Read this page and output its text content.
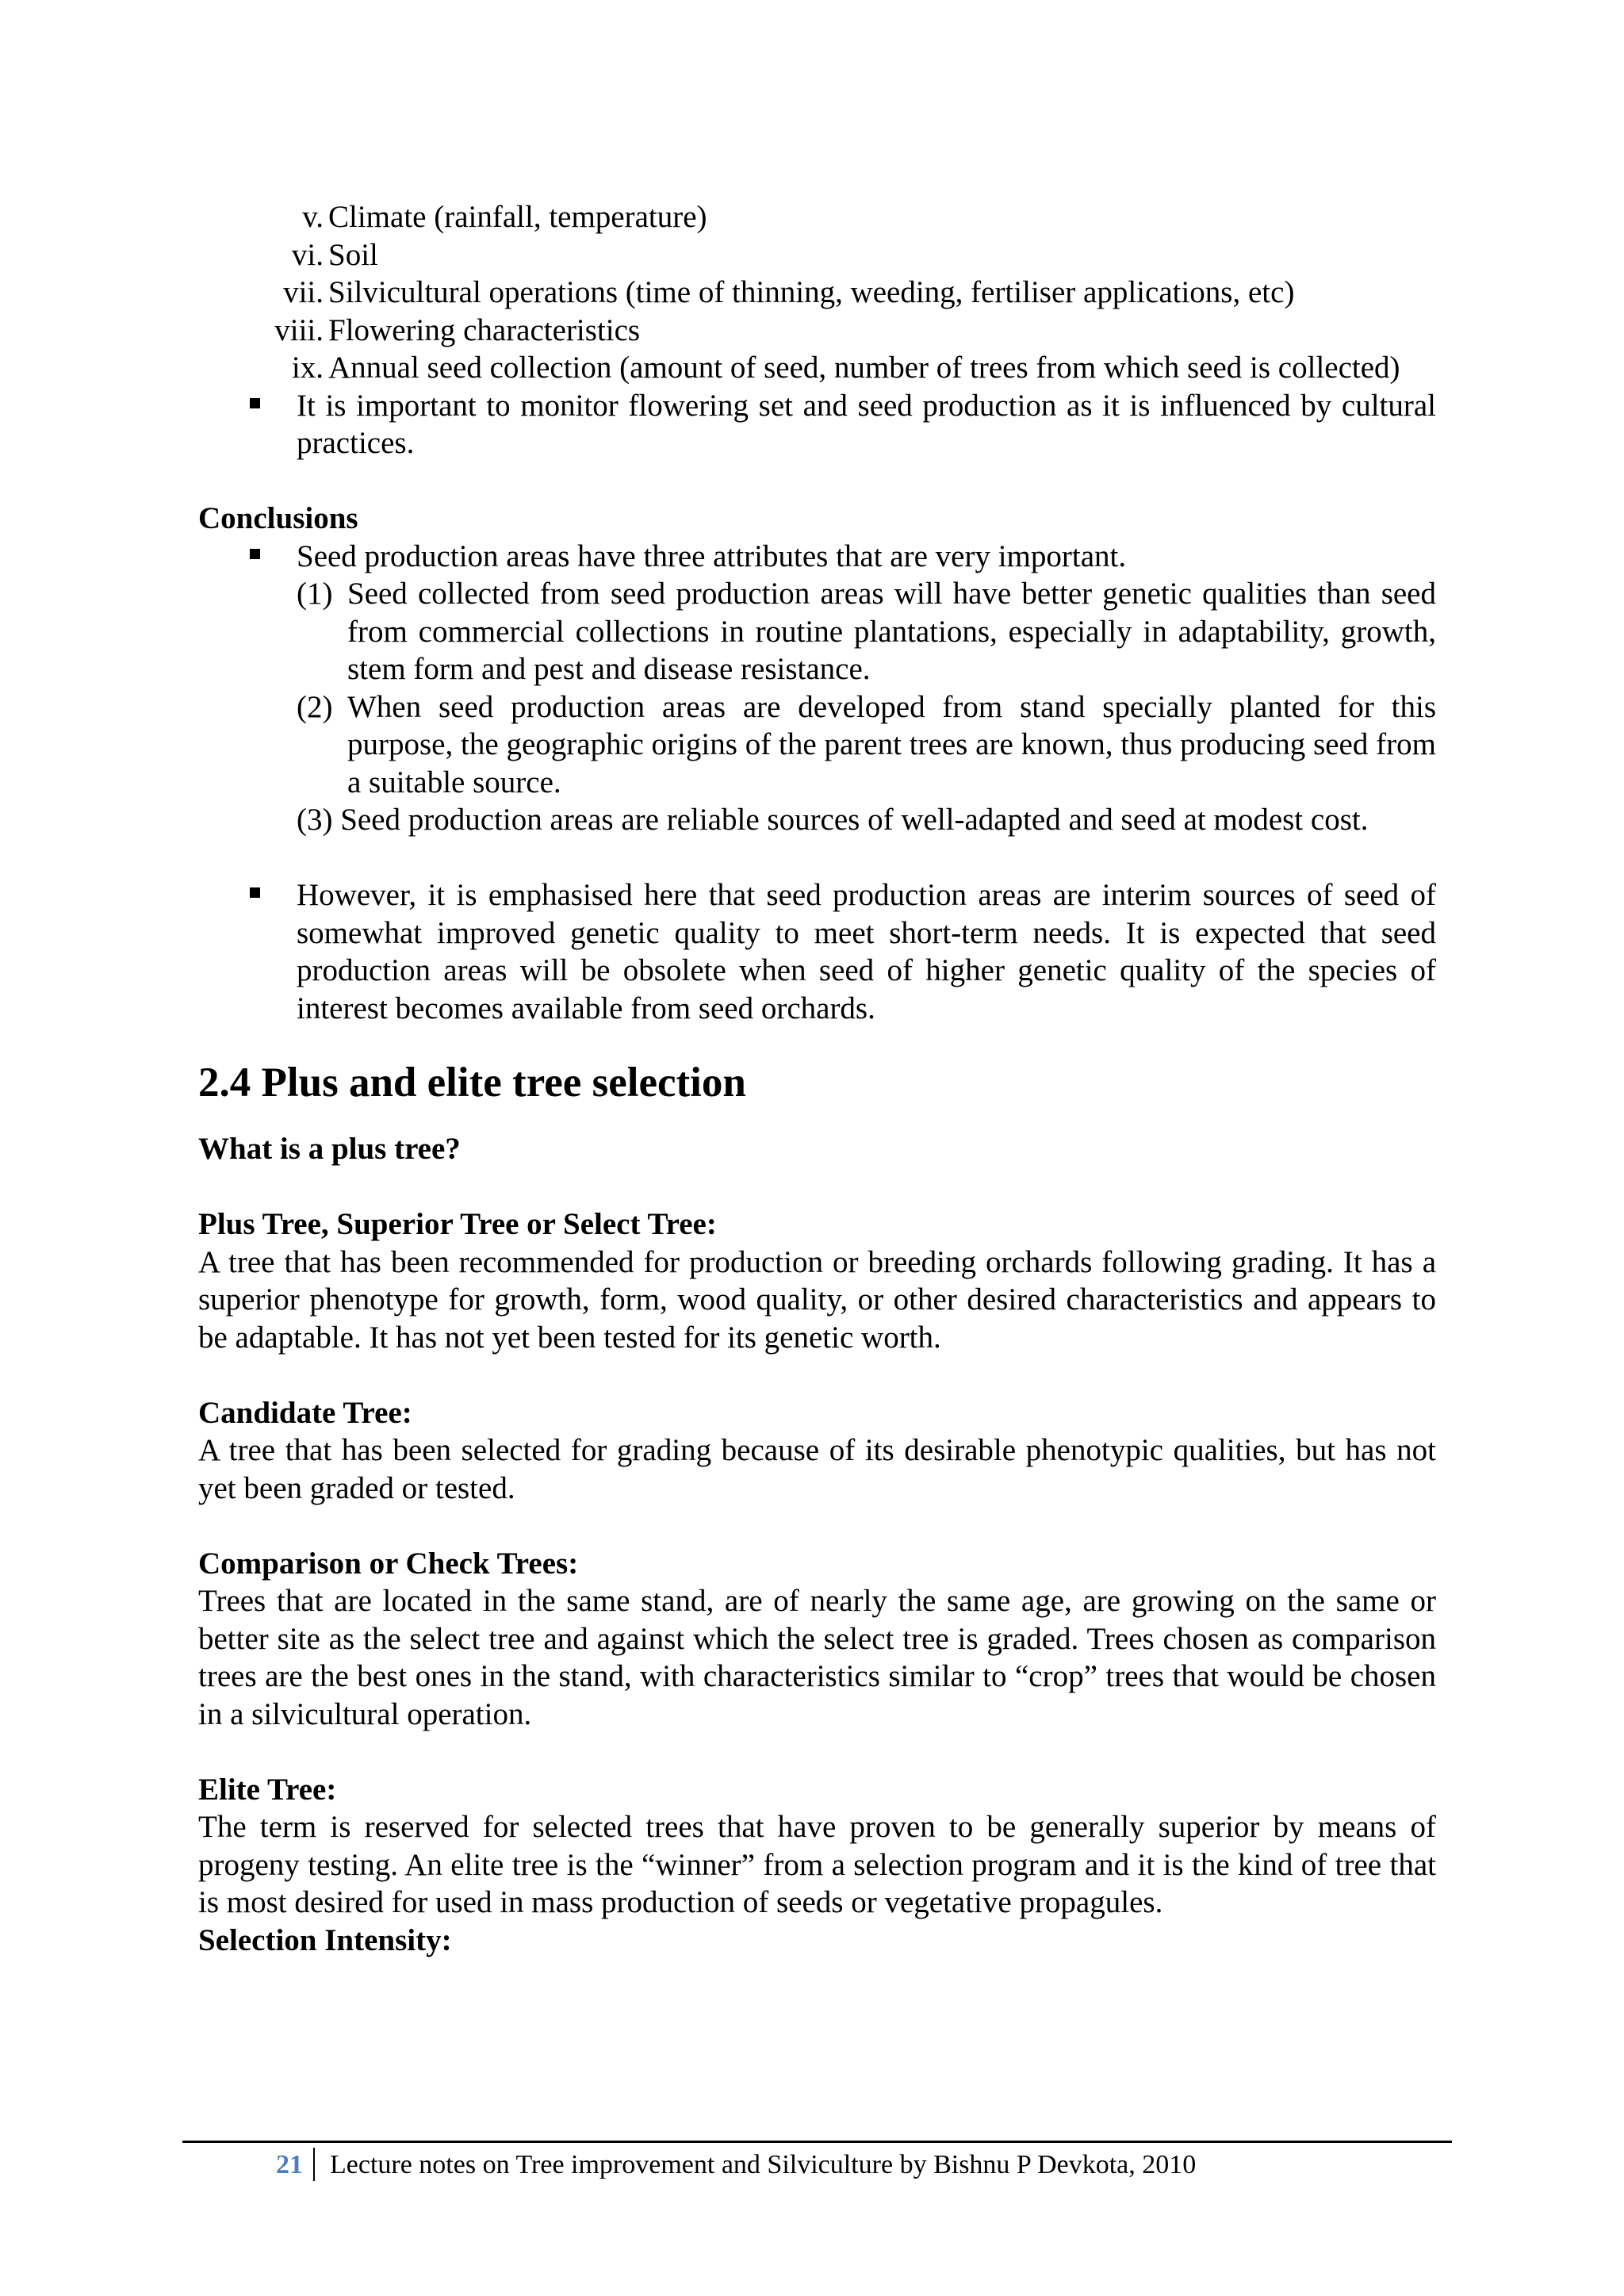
v. Climate (rainfall, temperature)
vi. Soil
vii. Silvicultural operations (time of thinning, weeding, fertiliser applications, etc)
viii. Flowering characteristics
ix. Annual seed collection (amount of seed, number of trees from which seed is collected)
It is important to monitor flowering set and seed production as it is influenced by cultural practices.

Conclusions

Seed production areas have three attributes that are very important.
(1) Seed collected from seed production areas will have better genetic qualities than seed from commercial collections in routine plantations, especially in adaptability, growth, stem form and pest and disease resistance.
(2) When seed production areas are developed from stand specially planted for this purpose, the geographic origins of the parent trees are known, thus producing seed from a suitable source.
(3) Seed production areas are reliable sources of well-adapted and seed at modest cost.
However, it is emphasised here that seed production areas are interim sources of seed of somewhat improved genetic quality to meet short-term needs. It is expected that seed production areas will be obsolete when seed of higher genetic quality of the species of interest becomes available from seed orchards.

2.4 Plus and elite tree selection

What is a plus tree?

Plus Tree, Superior Tree or Select Tree:

A tree that has been recommended for production or breeding orchards following grading. It has a superior phenotype for growth, form, wood quality, or other desired characteristics and appears to be adaptable. It has not yet been tested for its genetic worth.

Candidate Tree:

A tree that has been selected for grading because of its desirable phenotypic qualities, but has not yet been graded or tested.

Comparison or Check Trees:

Trees that are located in the same stand, are of nearly the same age, are growing on the same or better site as the select tree and against which the select tree is graded. Trees chosen as comparison trees are the best ones in the stand, with characteristics similar to “crop” trees that would be chosen in a silvicultural operation.

Elite Tree:

The term is reserved for selected trees that have proven to be generally superior by means of progeny testing. An elite tree is the “winner” from a selection program and it is the kind of tree that is most desired for used in mass production of seeds or vegetative propagules.

Selection Intensity:

21 Lecture notes on Tree improvement and Silviculture by Bishnu P Devkota, 2010
